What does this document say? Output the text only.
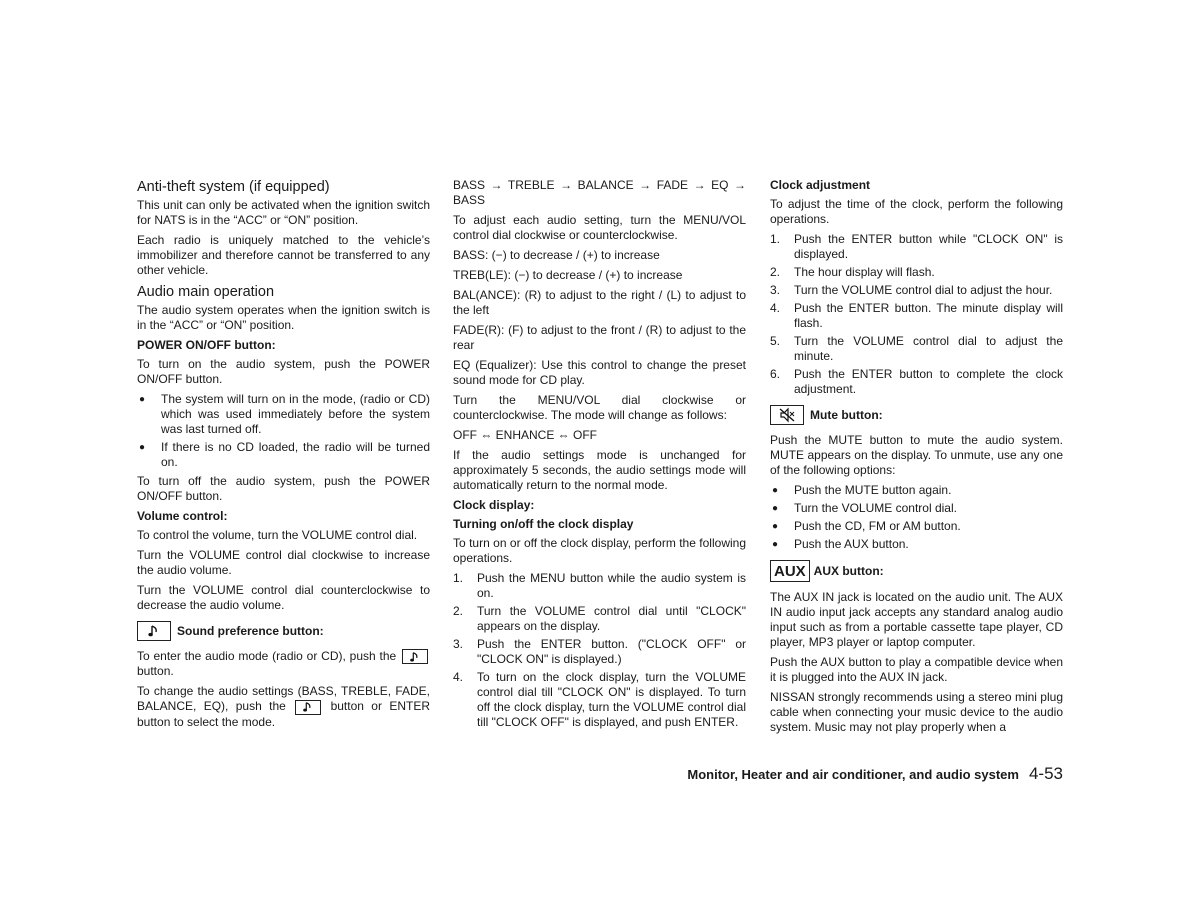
Anti-theft system (if equipped)

This unit can only be activated when the ignition switch for NATS is in the “ACC” or “ON” position.

Each radio is uniquely matched to the vehicle’s immobilizer and therefore cannot be transferred to any other vehicle.

Audio main operation

The audio system operates when the ignition switch is in the “ACC” or “ON” position.

POWER ON/OFF button:

To turn on the audio system, push the POWER ON/OFF button.

● The system will turn on in the mode, (radio or CD) which was used immediately before the system was last turned off.
● If there is no CD loaded, the radio will be turned on.

To turn off the audio system, push the POWER ON/OFF button.

Volume control:

To control the volume, turn the VOLUME control dial.

Turn the VOLUME control dial clockwise to increase the audio volume.

Turn the VOLUME control dial counterclockwise to decrease the audio volume.

Sound preference button:

To enter the audio mode (radio or CD), push the
button.

To change the audio settings (BASS, TREBLE, FADE, BALANCE, EQ), push the	button or ENTER button to select the mode.

BASS → TREBLE → BALANCE → FADE → EQ → BASS

To adjust each audio setting, turn the MENU/VOL control dial clockwise or counterclockwise.

BASS: (−) to decrease / (+) to increase

TREB(LE): (−) to decrease / (+) to increase

BAL(ANCE): (R) to adjust to the right / (L) to adjust to the left

FADE(R): (F) to adjust to the front / (R) to adjust to the rear

EQ (Equalizer): Use this control to change the preset sound mode for CD play.

Turn the MENU/VOL dial clockwise or counterclockwise. The mode will change as follows:

OFF ⇔ ENHANCE ⇔ OFF

If the audio settings mode is unchanged for approximately 5 seconds, the audio settings mode will automatically return to the normal mode.

Clock display:
Turning on/off the clock display

To turn on or off the clock display, perform the following operations.

1. Push the MENU button while the audio system is on.
2. Turn the VOLUME control dial until "CLOCK" appears on the display.
3. Push the ENTER button. ("CLOCK OFF" or "CLOCK ON" is displayed.)
4. To turn on the clock display, turn the VOLUME control dial till "CLOCK ON" is displayed. To turn off the clock display, turn the VOLUME control dial till "CLOCK OFF" is displayed, and push ENTER.
Clock adjustment

To adjust the time of the clock, perform the following operations.

1. Push the ENTER button while "CLOCK ON" is displayed.
2. The hour display will flash.
3. Turn the VOLUME control dial to adjust the hour.
4. Push the ENTER button. The minute display will flash.
5. Turn the VOLUME control dial to adjust the minute.
6. Push the ENTER button to complete the clock adjustment.
Mute button:

Push the MUTE button to mute the audio system. MUTE appears on the display. To unmute, use any one of the following options:

● Push the MUTE button again.
● Turn the VOLUME control dial.
● Push the CD, FM or AM button.
● Push the AUX button.
AUX AUX button:

The AUX IN jack is located on the audio unit. The AUX IN audio input jack accepts any standard analog audio input such as from a portable cassette tape player, CD player, MP3 player or laptop computer.

Push the AUX button to play a compatible device when it is plugged into the AUX IN jack.

NISSAN strongly recommends using a stereo mini plug cable when connecting your music device to the audio system. Music may not play properly when a

Monitor, Heater and air conditioner, and audio system 4-53
